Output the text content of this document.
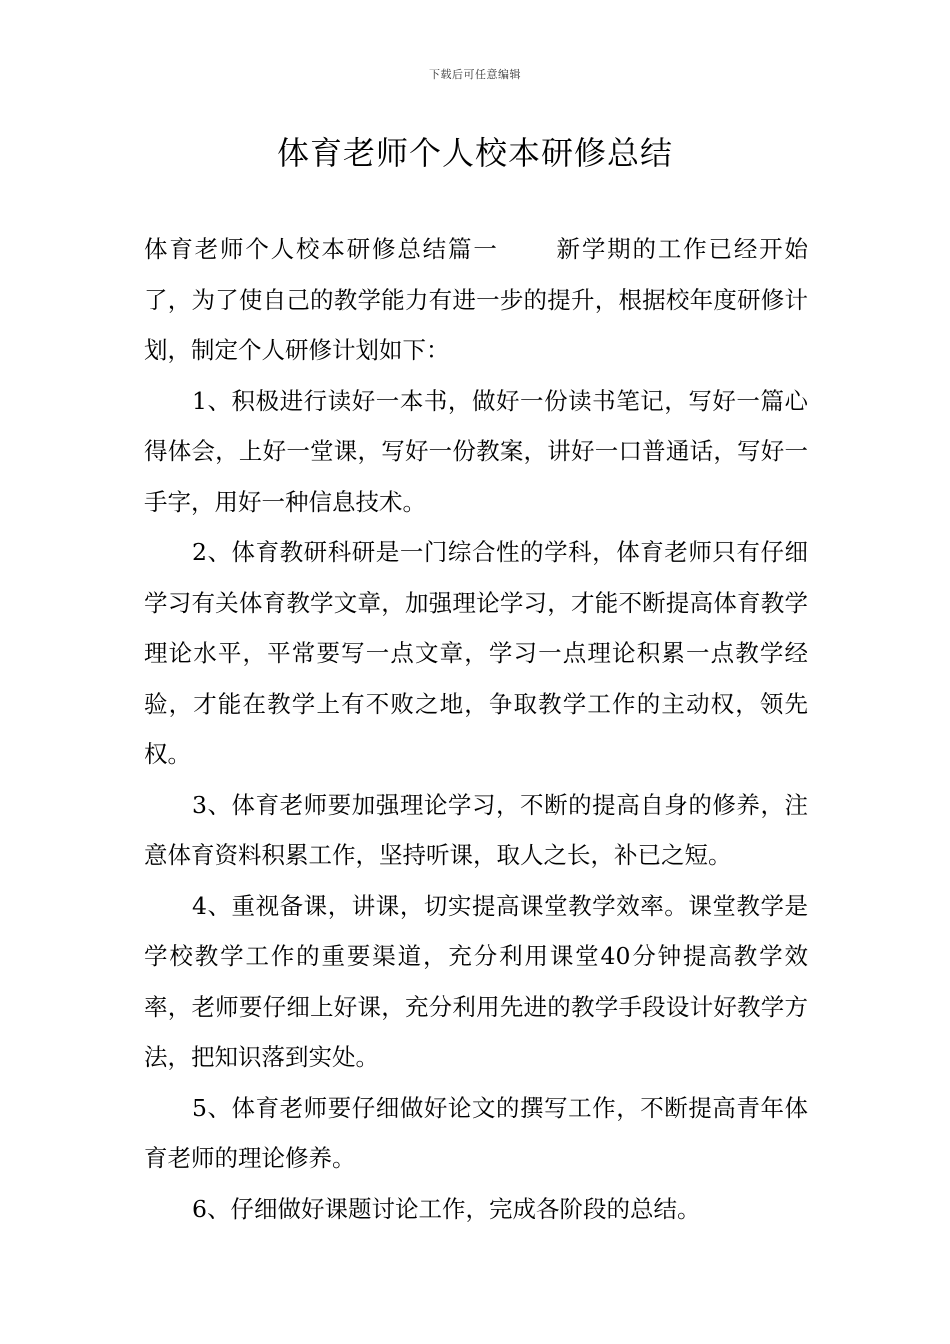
下载后可任意编辑
体育老师个人校本研修总结

体育老师个人校本研修总结篇一 新学期的工作已经开始了，为了使自己的教学能力有进一步的提升，根据校年度研修计划，制定个人研修计划如下：

1、积极进行读好一本书，做好一份读书笔记，写好一篇心得体会，上好一堂课，写好一份教案，讲好一口普通话，写好一手字，用好一种信息技术。

2、体育教研科研是一门综合性的学科，体育老师只有仔细学习有关体育教学文章，加强理论学习，才能不断提高体育教学理论水平，平常要写一点文章，学习一点理论积累一点教学经验，才能在教学上有不败之地，争取教学工作的主动权，领先权。

3、体育老师要加强理论学习，不断的提高自身的修养，注意体育资料积累工作，坚持听课，取人之长，补已之短。

4、重视备课，讲课，切实提高课堂教学效率。课堂教学是学校教学工作的重要渠道，充分利用课堂40分钟提高教学效率，老师要仔细上好课，充分利用先进的教学手段设计好教学方法，把知识落到实处。

5、体育老师要仔细做好论文的撰写工作，不断提高青年体育老师的理论修养。

6、仔细做好课题讨论工作，完成各阶段的总结。
